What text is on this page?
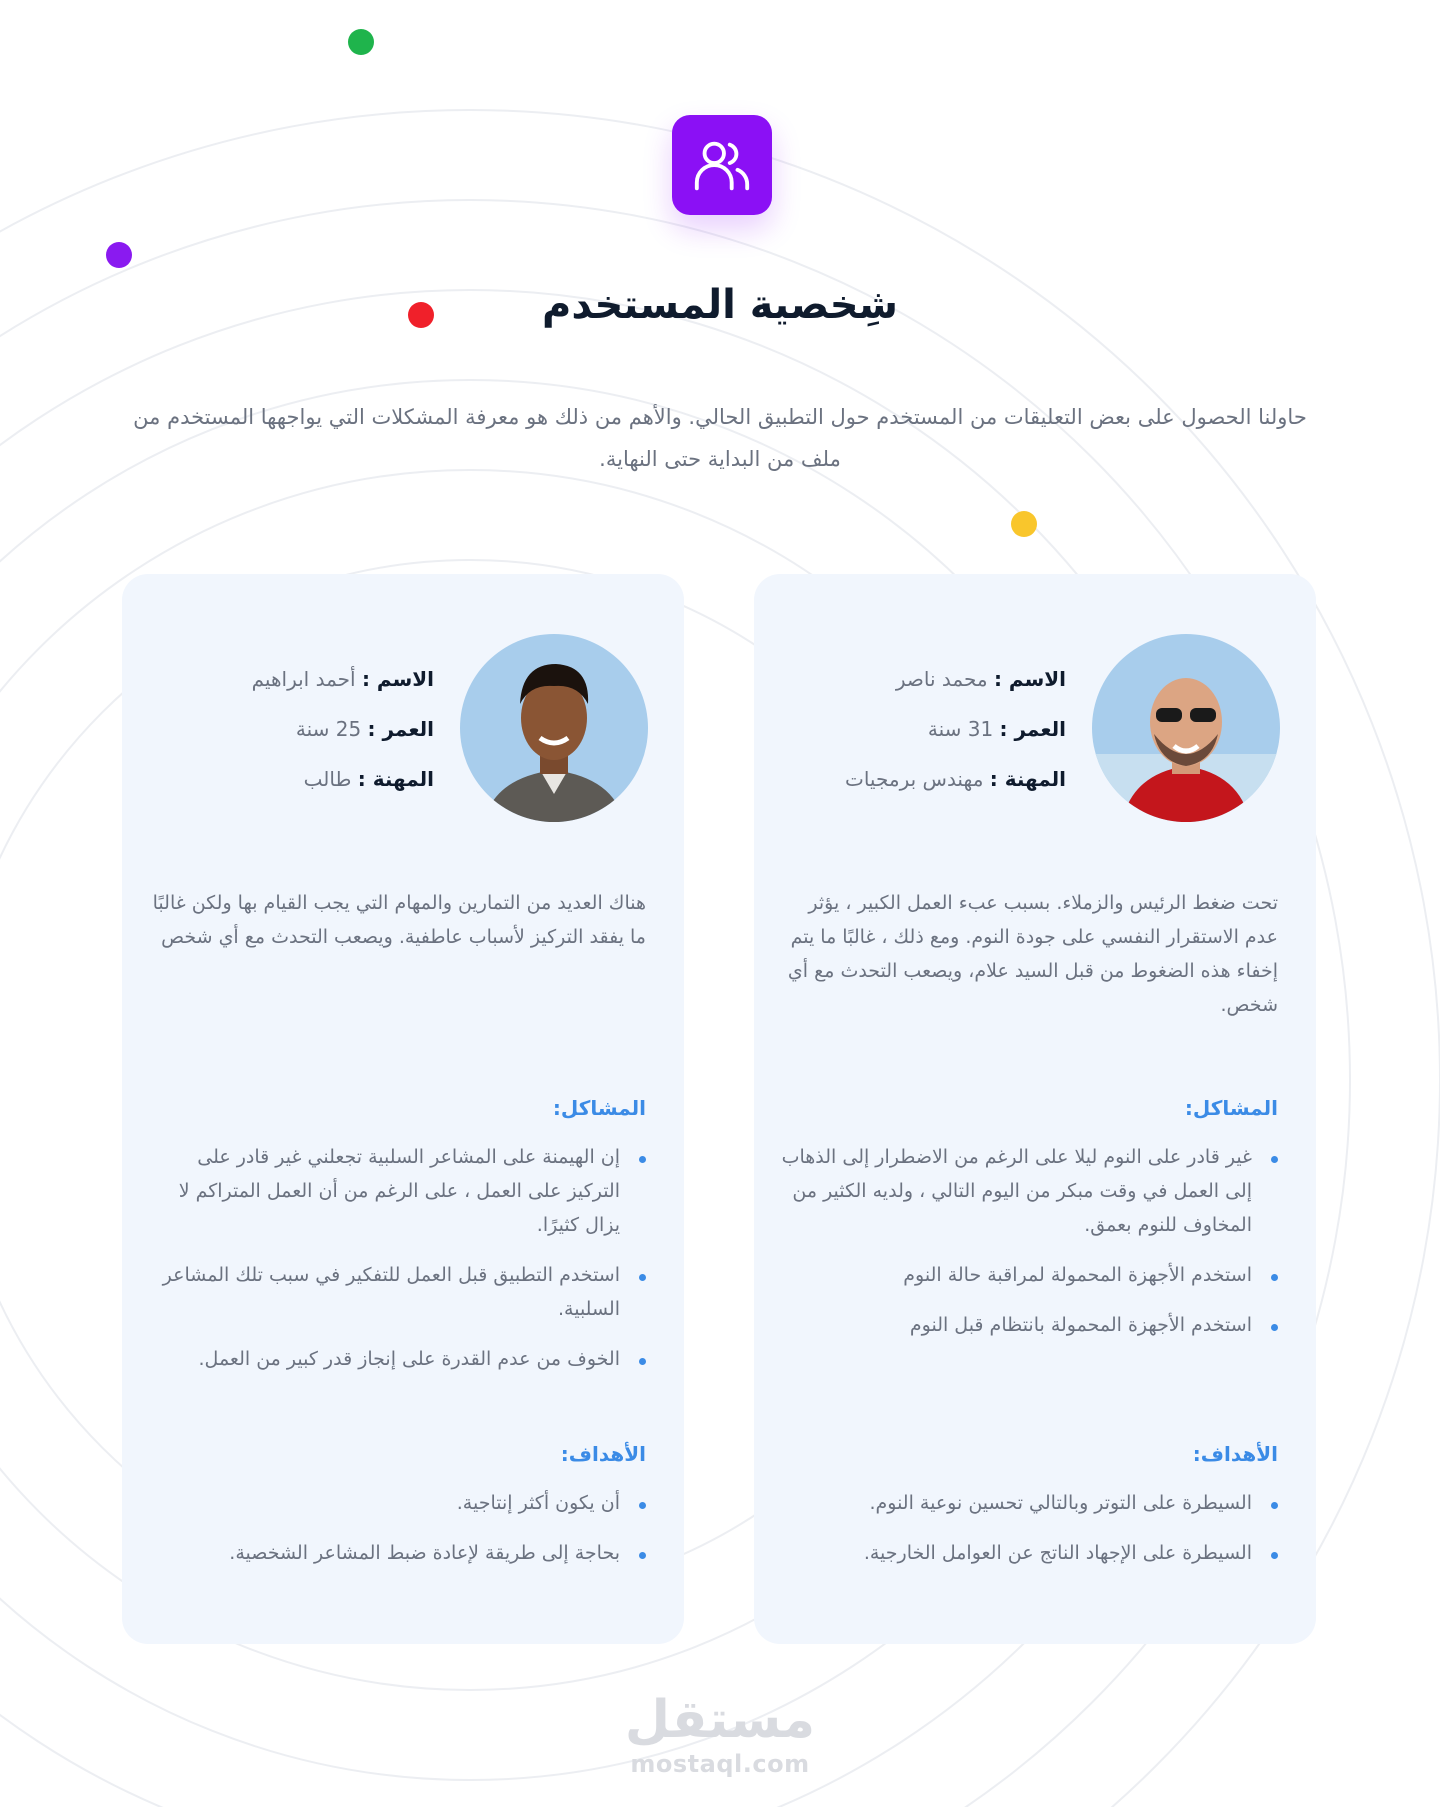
شِخصية المستخدم

حاولنا الحصول على بعض التعليقات من المستخدم حول التطبيق الحالي. والأهم من ذلك هو معرفة المشكلات التي يواجهها المستخدم من ملف من البداية حتى النهاية.

الاسم : محمد ناصر
العمر : 31 سنة
المهنة : مهندس برمجيات

تحت ضغط الرئيس والزملاء. بسبب عبء العمل الكبير ، يؤثر عدم الاستقرار النفسي على جودة النوم. ومع ذلك ، غالبًا ما يتم إخفاء هذه الضغوط من قبل السيد علام، ويصعب التحدث مع أي شخص.

المشاكل:
غير قادر على النوم ليلا على الرغم من الاضطرار إلى الذهاب إلى العمل في وقت مبكر من اليوم التالي ، ولديه الكثير من المخاوف للنوم بعمق.
استخدم الأجهزة المحمولة لمراقبة حالة النوم
استخدم الأجهزة المحمولة بانتظام قبل النوم
الأهداف:
السيطرة على التوتر وبالتالي تحسين نوعية النوم.
السيطرة على الإجهاد الناتج عن العوامل الخارجية.
الاسم : أحمد ابراهيم
العمر : 25 سنة
المهنة : طالب

هناك العديد من التمارين والمهام التي يجب القيام بها ولكن غالبًا ما يفقد التركيز لأسباب عاطفية. ويصعب التحدث مع أي شخص

المشاكل:
إن الهيمنة على المشاعر السلبية تجعلني غير قادر على التركيز على العمل ، على الرغم من أن العمل المتراكم لا يزال كثيرًا.
استخدم التطبيق قبل العمل للتفكير في سبب تلك المشاعر السلبية.
الخوف من عدم القدرة على إنجاز قدر كبير من العمل.
الأهداف:
أن يكون أكثر إنتاجية.
بحاجة إلى طريقة لإعادة ضبط المشاعر الشخصية.
مستقل
mostaql.com
